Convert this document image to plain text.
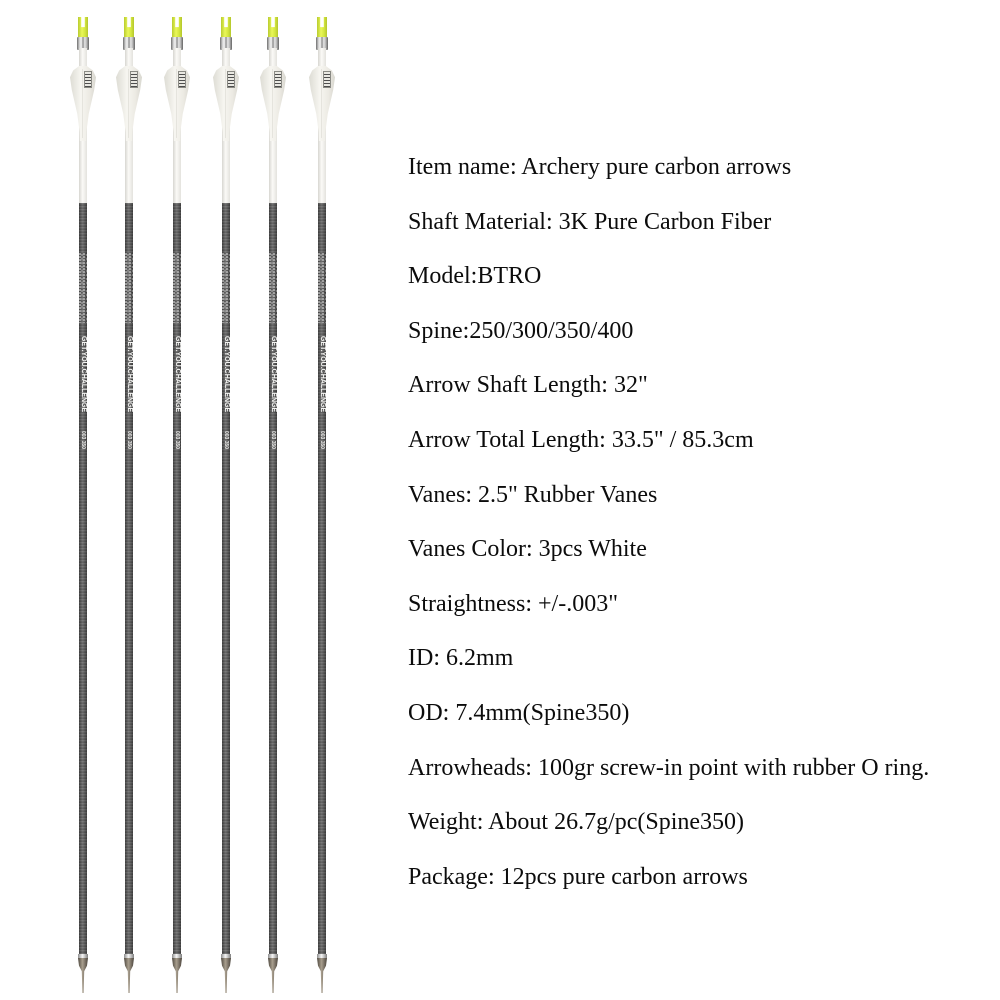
GET.YOU.CHALLENGE
003 350
GET.YOU.CHALLENGE
003 350
GET.YOU.CHALLENGE
003 350
GET.YOU.CHALLENGE
003 350
GET.YOU.CHALLENGE
003 350
GET.YOU.CHALLENGE
003 350

Item name: Archery pure carbon arrows

Shaft Material: 3K Pure Carbon Fiber

Model:BTRO

Spine:250/300/350/400

Arrow Shaft Length: 32"

Arrow Total Length: 33.5" / 85.3cm

Vanes: 2.5" Rubber Vanes

Vanes Color: 3pcs White

Straightness: +/-.003"

ID: 6.2mm

OD: 7.4mm(Spine350)

Arrowheads: 100gr screw-in point with rubber O ring.

Weight: About 26.7g/pc(Spine350)

Package: 12pcs pure carbon arrows
